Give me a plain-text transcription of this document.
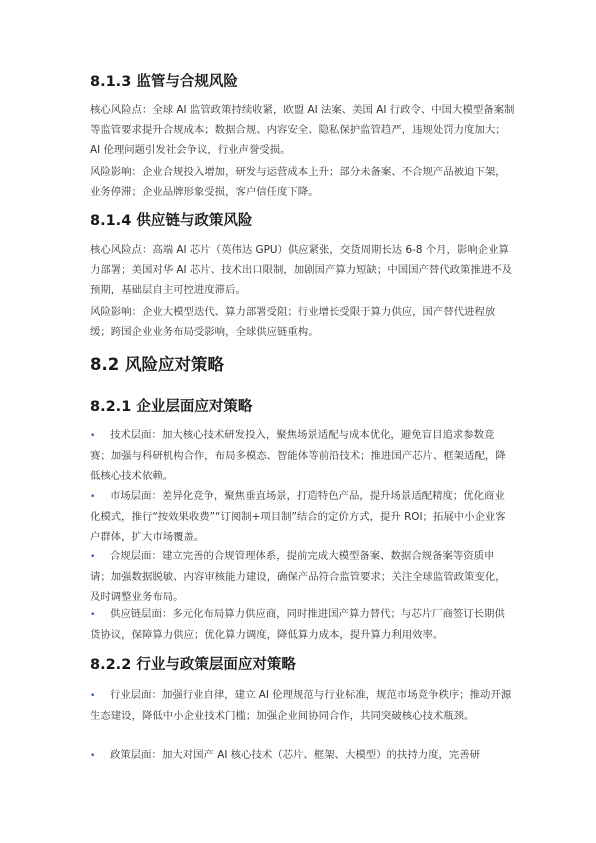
8.1.3 监管与合规风险

核心风险点：全球 AI 监管政策持续收紧，欧盟 AI 法案、美国 AI 行政令、中国大模型备案制等监管要求提升合规成本；数据合规、内容安全、隐私保护监管趋严，违规处罚力度加大；AI 伦理问题引发社会争议，行业声誉受损。

风险影响：企业合规投入增加，研发与运营成本上升；部分未备案、不合规产品被迫下架，业务停滞；企业品牌形象受损，客户信任度下降。

8.1.4 供应链与政策风险

核心风险点：高端 AI 芯片（英伟达 GPU）供应紧张，交货周期长达 6-8 个月，影响企业算力部署；美国对华 AI 芯片、技术出口限制，加剧国产算力短缺；中国国产替代政策推进不及预期，基础层自主可控进度滞后。

风险影响：企业大模型迭代、算力部署受阻；行业增长受限于算力供应，国产替代进程放缓；跨国企业业务布局受影响，全球供应链重构。

8.2 风险应对策略
8.2.1 企业层面应对策略

• 技术层面：加大核心技术研发投入，聚焦场景适配与成本优化，避免盲目追求参数竞赛；加强与科研机构合作，布局多模态、智能体等前沿技术；推进国产芯片、框架适配，降低核心技术依赖。

• 市场层面：差异化竞争，聚焦垂直场景，打造特色产品，提升场景适配精度；优化商业化模式，推行“按效果收费”“订阅制+项目制”结合的定价方式，提升 ROI；拓展中小企业客户群体，扩大市场覆盖。

• 合规层面：建立完善的合规管理体系，提前完成大模型备案、数据合规备案等资质申请；加强数据脱敏、内容审核能力建设，确保产品符合监管要求；关注全球监管政策变化，及时调整业务布局。

• 供应链层面：多元化布局算力供应商，同时推进国产算力替代；与芯片厂商签订长期供货协议，保障算力供应；优化算力调度，降低算力成本，提升算力利用效率。

8.2.2 行业与政策层面应对策略

• 行业层面：加强行业自律，建立 AI 伦理规范与行业标准，规范市场竞争秩序；推动开源生态建设，降低中小企业技术门槛；加强企业间协同合作，共同突破核心技术瓶颈。

• 政策层面：加大对国产 AI 核心技术（芯片、框架、大模型）的扶持力度，完善研
